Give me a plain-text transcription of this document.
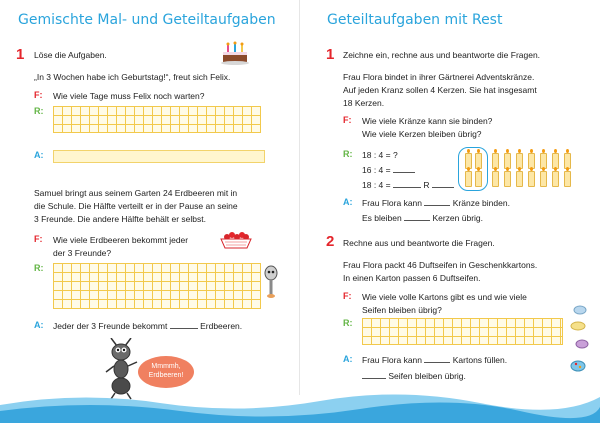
Gemischte Mal- und Geteiltaufgaben
1 Löse die Aufgaben.
„In 3 Wochen habe ich Geburtstag!“, freut sich Felix.
F: Wie viele Tage muss Felix noch warten?
R:
A:
Samuel bringt aus seinem Garten 24 Erdbeeren mit in
die Schule. Die Hälfte verteilt er in der Pause an seine
3 Freunde. Die andere Hälfte behält er selbst.
F: Wie viele Erdbeeren bekommt jeder
der 3 Freunde?
R:
A: Jeder der 3 Freunde bekommt	Erdbeeren.
Mmmmh, Erdbeeren!
Geteiltaufgaben mit Rest
1 Zeichne ein, rechne aus und beantworte die Fragen.
Frau Flora bindet in ihrer Gärtnerei Adventskränze.
Auf jeden Kranz sollen 4 Kerzen. Sie hat insgesamt
18 Kerzen.
F: Wie viele Kränze kann sie binden?
Wie viele Kerzen bleiben übrig?
R: 18 : 4 = ?
16 : 4 =
18 : 4 =	R
A: Frau Flora kann	Kränze binden.
Es bleiben	Kerzen übrig.
2 Rechne aus und beantworte die Fragen.
Frau Flora packt 46 Duftseifen in Geschenkkartons.
In einen Karton passen 6 Duftseifen.
F: Wie viele volle Kartons gibt es und wie viele
Seifen bleiben übrig?
R:
A: Frau Flora kann	Kartons füllen.
Seifen bleiben übrig.
